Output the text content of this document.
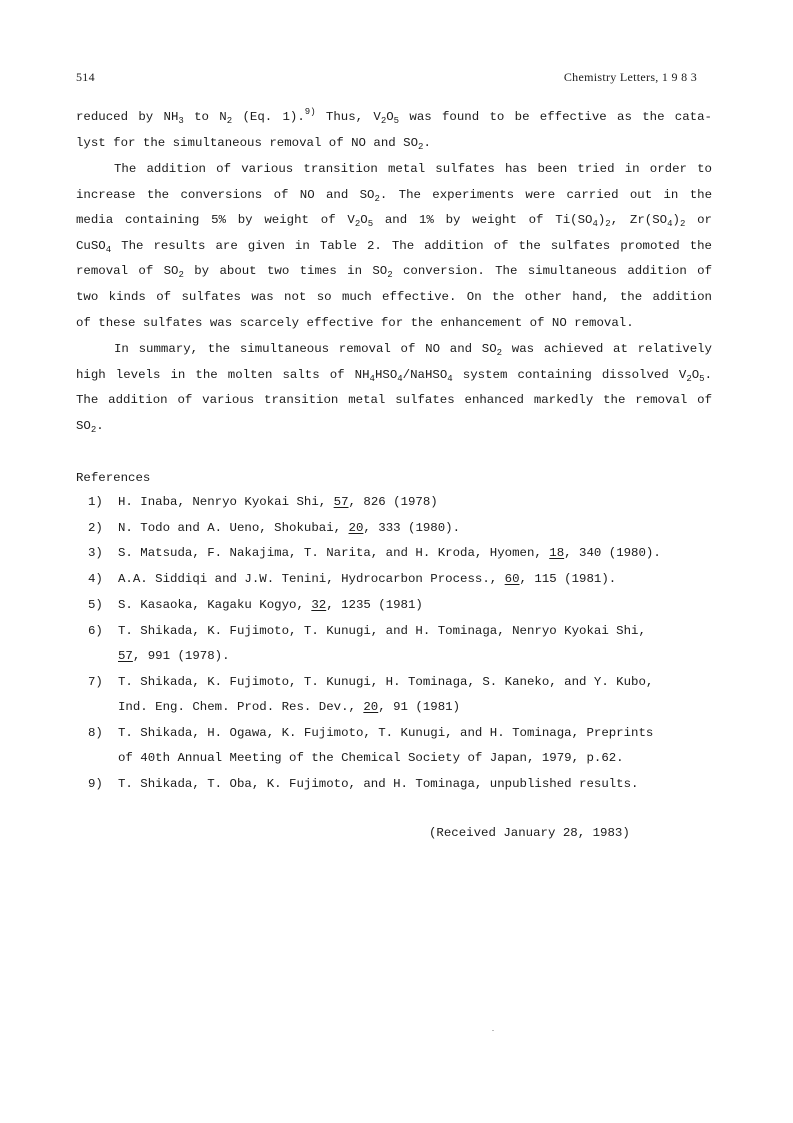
514	Chemistry Letters, 1 9 8 3
reduced by $NH_3$ to $N_2$ (Eq. 1).$^{9)}$ Thus, $V_2O_5$ was found to be effective as the cata-
lyst for the simultaneous removal of NO and $SO_2$.
The addition of various transition metal sulfates has been tried in order to
increase the conversions of NO and $SO_2$. The experiments were carried out in the
media containing 5% by weight of $V_2O_5$ and 1% by weight of $Ti(SO_4)_2$, $Zr(SO_4)_2$ or
CuSO$_4$ The results are given in Table 2. The addition of the sulfates promoted the
removal of $SO_2$ by about two times in $SO_2$ conversion. The simultaneous addition of
two kinds of sulfates was not so much effective. On the other hand, the addition
of these sulfates was scarcely effective for the enhancement of NO removal.
In summary, the simultaneous removal of NO and $SO_2$ was achieved at relatively
high levels in the molten salts of $NH_4HSO_4/NaHSO_4$ system containing dissolved $V_2O_5$.
The addition of various transition metal sulfates enhanced markedly the removal of
$SO_2$.
References
1)	H. Inaba, Nenryo Kyokai Shi, 57, 826 (1978)
2)	N. Todo and A. Ueno, Shokubai, 20, 333 (1980).
3)	S. Matsuda, F. Nakajima, T. Narita, and H. Kroda, Hyomen, 18, 340 (1980).
4)	A.A. Siddiqi and J.W. Tenini, Hydrocarbon Process., 60, 115 (1981).
5)	S. Kasaoka, Kagaku Kogyo, 32, 1235 (1981)
6)	T. Shikada, K. Fujimoto, T. Kunugi, and H. Tominaga, Nenryo Kyokai Shi,
57, 991 (1978).
7)	T. Shikada, K. Fujimoto, T. Kunugi, H. Tominaga, S. Kaneko, and Y. Kubo,
Ind. Eng. Chem. Prod. Res. Dev., 20, 91 (1981)
8)	T. Shikada, H. Ogawa, K. Fujimoto, T. Kunugi, and H. Tominaga, Preprints
of 40th Annual Meeting of the Chemical Society of Japan, 1979, p.62.
9)	T. Shikada, T. Oba, K. Fujimoto, and H. Tominaga, unpublished results.
(Received January 28, 1983)
